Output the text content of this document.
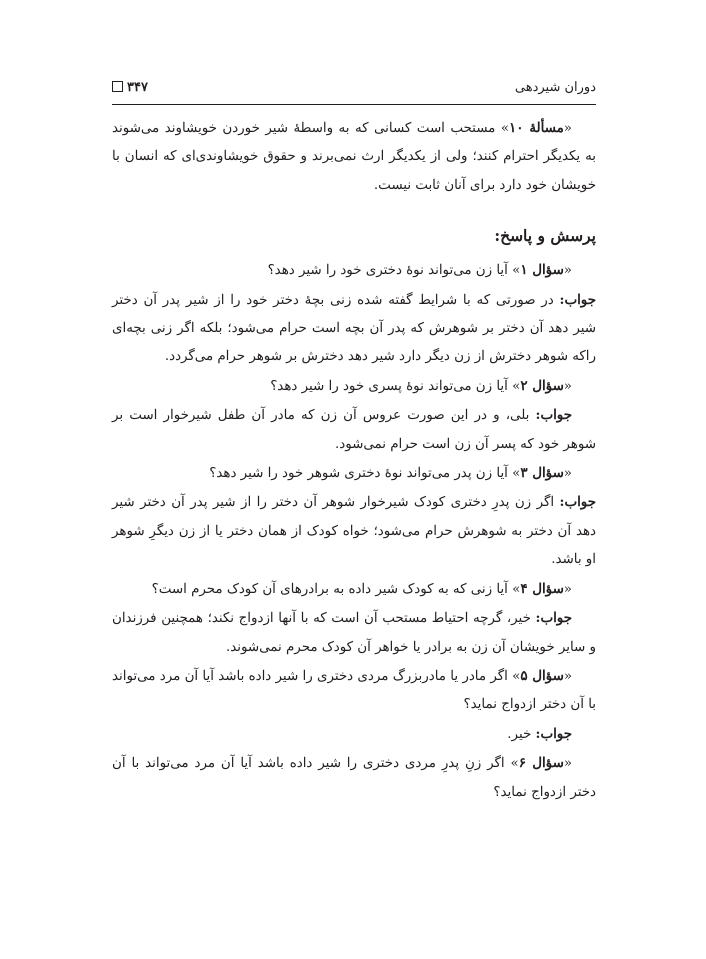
دوران شیردهی
۳۴۷

«مسألۀ ۱۰» مستحب است کسانی که به واسطۀ شیر خوردن خویشاوند می‌شوند به یکدیگر احترام کنند؛ ولی از یکدیگر ارث نمی‌برند و حقوق خویشاوندی‌ای که انسان با خویشان خود دارد برای آنان ثابت نیست.

پرسش و پاسخ:

«سؤال ۱» آیا زن می‌تواند نوۀ دختری خود را شیر دهد؟

جواب: در صورتی که با شرایط گفته شده زنی بچۀ دختر خود را از شیر پدر آن دختر شیر دهد آن دختر بر شوهرش که پدر آن بچه است حرام می‌شود؛ بلکه اگر زنی بچه‌ای راکه شوهر دخترش از زن دیگر دارد شیر دهد دخترش بر شوهر حرام می‌گردد.

«سؤال ۲» آیا زن می‌تواند نوۀ پسری خود را شیر دهد؟

جواب: بلی، و در این صورت عروس آن زن که مادر آن طفل شیرخوار است بر شوهر خود که پسر آن زن است حرام نمی‌شود.

«سؤال ۳» آیا زن پدر می‌تواند نوۀ دختری شوهر خود را شیر دهد؟

جواب: اگر زن پدرِ دختری کودک شیرخوار شوهر آن دختر را از شیر پدر آن دختر شیر دهد آن دختر به شوهرش حرام می‌شود؛ خواه کودک از همان دختر یا از زن دیگرِ شوهر او باشد.

«سؤال ۴» آیا زنی که به کودک شیر داده به برادرهای آن کودک محرم است؟

جواب: خیر، گرچه احتیاط مستحب آن است که با آنها ازدواج نکند؛ همچنین فرزندان و سایر خویشان آن زن به برادر یا خواهر آن کودک محرم نمی‌شوند.

«سؤال ۵» اگر مادر یا مادربزرگ مردی دختری را شیر داده باشد آیا آن مرد می‌تواند با آن دختر ازدواج نماید؟

جواب: خیر.

«سؤال ۶» اگر زنِ پدرِ مردی دختری را شیر داده باشد آیا آن مرد می‌تواند با آن دختر ازدواج نماید؟
